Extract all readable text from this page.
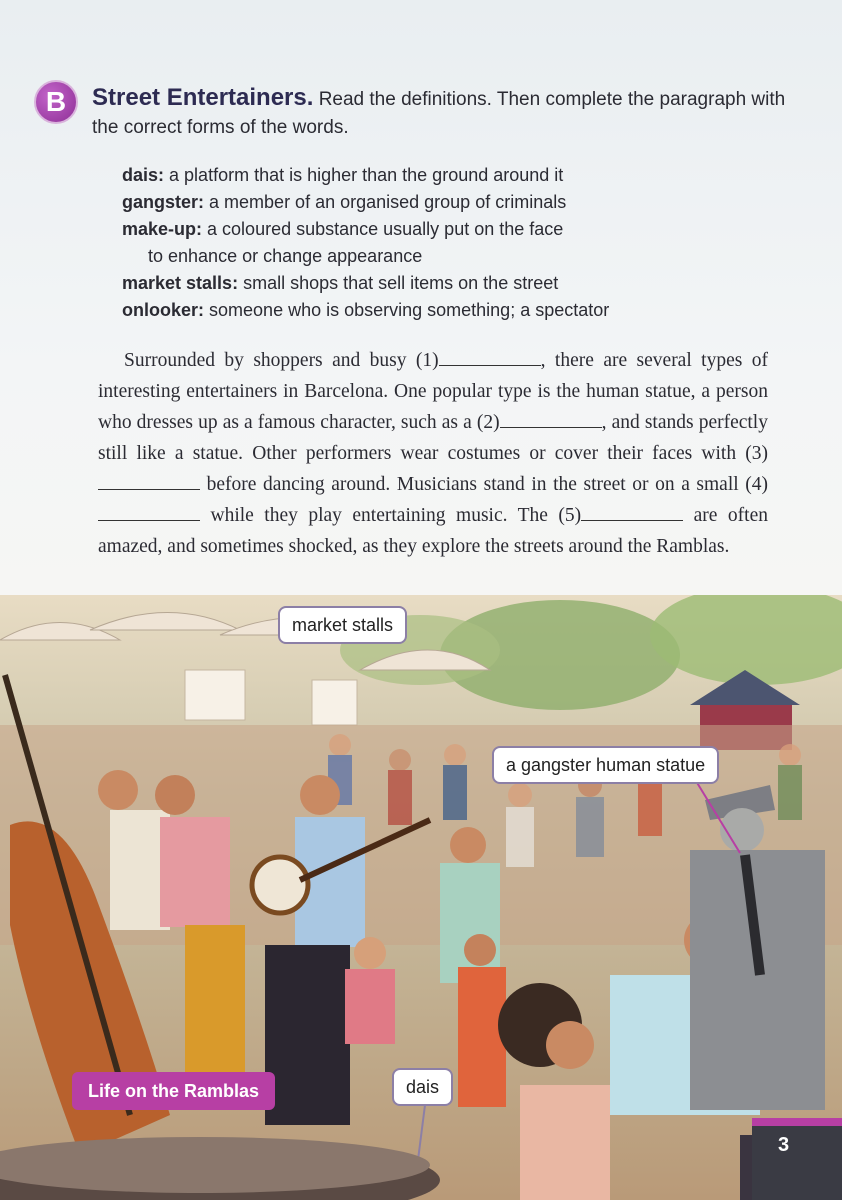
B	Street Entertainers. Read the definitions. Then complete the paragraph with the correct forms of the words.
dais: a platform that is higher than the ground around it
gangster: a member of an organised group of criminals
make-up: a coloured substance usually put on the face
to enhance or change appearance
market stalls: small shops that sell items on the street
onlooker: someone who is observing something; a spectator
Surrounded by shoppers and busy (1)	, there are several types of interesting entertainers in Barcelona. One popular type is the human statue, a person who dresses up as a famous character, such as a (2)	, and stands perfectly still like a statue. Other performers wear costumes or cover their faces with (3) before dancing around. Musicians stand in the street or on a small (4) while they play entertaining music. The (5)	are often amazed, and sometimes shocked, as they explore the streets around the Ramblas.
market stalls
a gangster human statue
dais
Life on the Ramblas
3
